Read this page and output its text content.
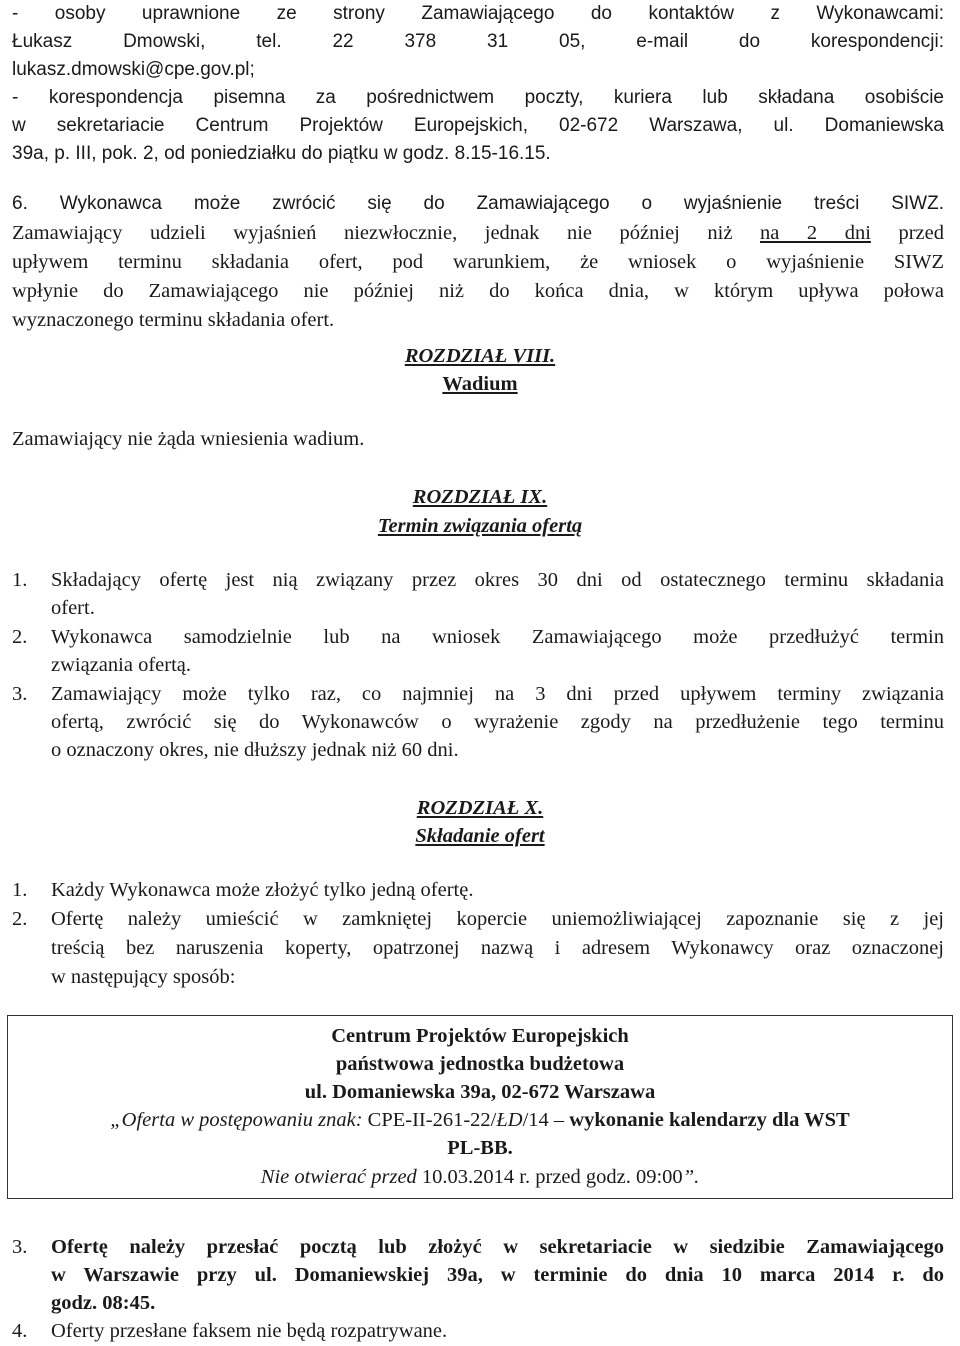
- osoby uprawnione ze strony Zamawiającego do kontaktów z Wykonawcami:
Łukasz Dmowski, tel. 22 378 31 05, e-mail do korespondencji:
lukasz.dmowski@cpe.gov.pl;
- korespondencja pisemna za pośrednictwem poczty, kuriera lub składana osobiście
w sekretariacie Centrum Projektów Europejskich, 02-672 Warszawa, ul. Domaniewska
39a, p. III, pok. 2, od poniedziałku do piątku w godz. 8.15-16.15.
6. Wykonawca może zwrócić się do Zamawiającego o wyjaśnienie treści SIWZ.
Zamawiający udzieli wyjaśnień niezwłocznie, jednak nie później niż na 2 dni przed
upływem terminu składania ofert, pod warunkiem, że wniosek o wyjaśnienie SIWZ
wpłynie do Zamawiającego nie później niż do końca dnia, w którym upływa połowa
wyznaczonego terminu składania ofert.
ROZDZIAŁ VIII.
Wadium
Zamawiający nie żąda wniesienia wadium.
ROZDZIAŁ IX.
Termin związania ofertą
1.	Składający ofertę jest nią związany przez okres 30 dni od ostatecznego terminu składania
ofert.
2.	Wykonawca samodzielnie lub na wniosek Zamawiającego może przedłużyć termin
związania ofertą.
3.	Zamawiający może tylko raz, co najmniej na 3 dni przed upływem terminy związania
ofertą, zwrócić się do Wykonawców o wyrażenie zgody na przedłużenie tego terminu
o oznaczony okres, nie dłuższy jednak niż 60 dni.
ROZDZIAŁ X.
Składanie ofert
1.	Każdy Wykonawca może złożyć tylko jedną ofertę.
2.	Ofertę należy umieścić w zamkniętej kopercie uniemożliwiającej zapoznanie się z jej
treścią bez naruszenia koperty, opatrzonej nazwą i adresem Wykonawcy oraz oznaczonej
w następujący sposób:
Centrum Projektów Europejskich
państwowa jednostka budżetowa
ul. Domaniewska 39a, 02-672 Warszawa
„Oferta w postępowaniu znak: CPE-II-261-22/ŁD/14 – wykonanie kalendarzy dla WST
PL-BB.
Nie otwierać przed 10.03.2014 r. przed godz. 09:00”.
3.	Ofertę należy przesłać pocztą lub złożyć w sekretariacie w siedzibie Zamawiającego
w Warszawie przy ul. Domaniewskiej 39a, w terminie do dnia 10 marca 2014 r. do
godz. 08:45.
4.	Oferty przesłane faksem nie będą rozpatrywane.
